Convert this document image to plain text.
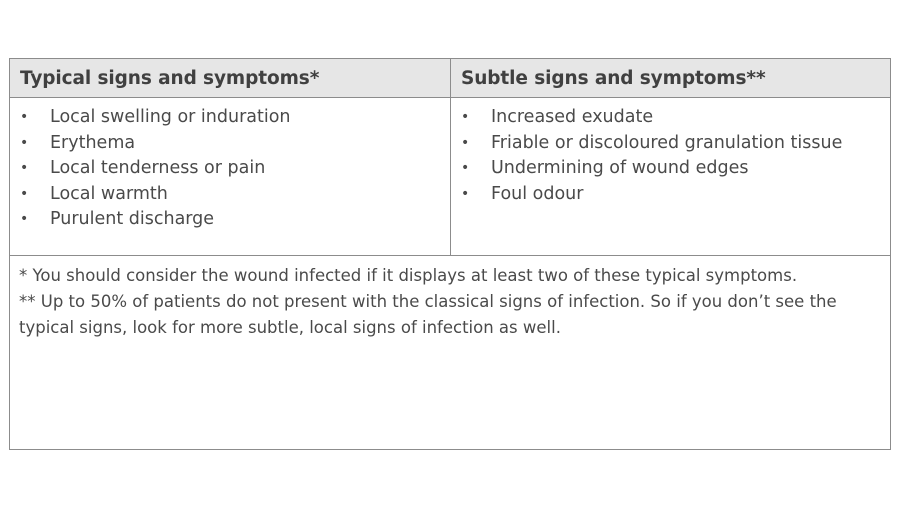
Typical signs and symptoms*	Subtle signs and symptoms**
• Local swelling or induration
• Erythema
• Local tenderness or pain
• Local warmth
• Purulent discharge
• Increased exudate
• Friable or discoloured granulation tissue
• Undermining of wound edges
• Foul odour

* You should consider the wound infected if it displays at least two of these typical symptoms.

** Up to 50% of patients do not present with the classical signs of infection. So if you don’t see the typical signs, look for more subtle, local signs of infection as well.
